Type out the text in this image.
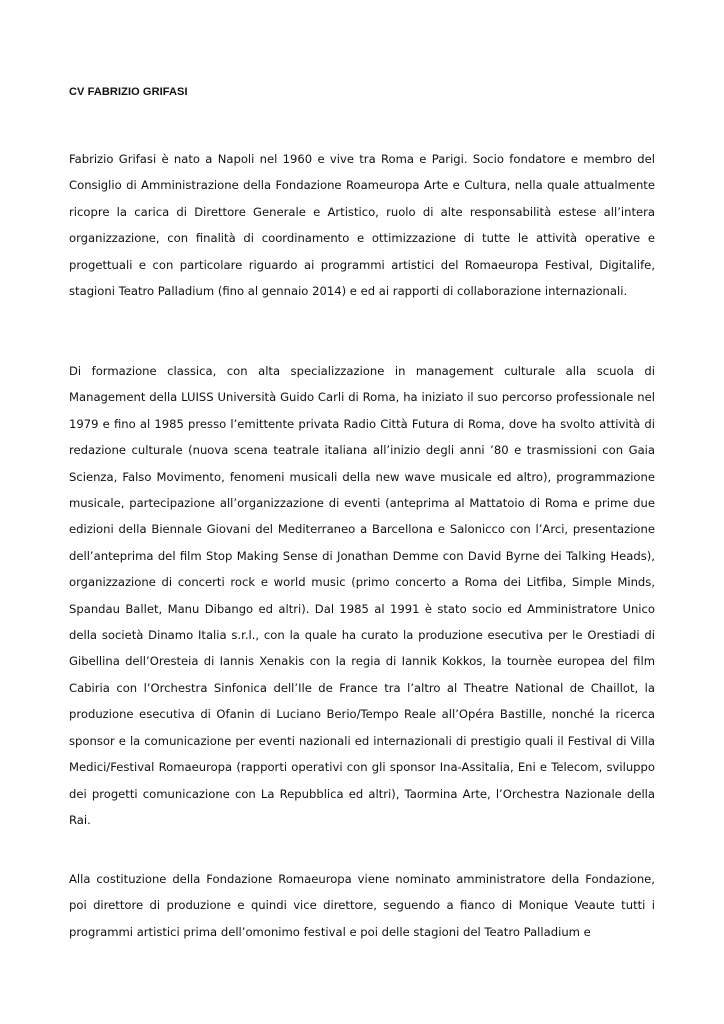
CV FABRIZIO GRIFASI

Fabrizio Grifasi è nato a Napoli nel 1960 e vive tra Roma e Parigi. Socio fondatore e membro del Consiglio di Amministrazione della Fondazione Roameuropa Arte e Cultura, nella quale attualmente ricopre la carica di Direttore Generale e Artistico, ruolo di alte responsabilità estese all’intera organizzazione, con finalità di coordinamento e ottimizzazione di tutte le attività operative e progettuali e con particolare riguardo ai programmi artistici del Romaeuropa Festival, Digitalife, stagioni Teatro Palladium (fino al gennaio 2014) e ed ai rapporti di collaborazione internazionali.

Di formazione classica, con alta specializzazione in management culturale alla scuola di Management della LUISS Università Guido Carli di Roma, ha iniziato il suo percorso professionale nel 1979 e fino al 1985 presso l’emittente privata Radio Città Futura di Roma, dove ha svolto attività di redazione culturale (nuova scena teatrale italiana all’inizio degli anni ’80 e trasmissioni con Gaia Scienza, Falso Movimento, fenomeni musicali della new wave musicale ed altro), programmazione musicale, partecipazione all’organizzazione di eventi (anteprima al Mattatoio di Roma e prime due edizioni della Biennale Giovani del Mediterraneo a Barcellona e Salonicco con l’Arci, presentazione dell’anteprima del film Stop Making Sense di Jonathan Demme con David Byrne dei Talking Heads), organizzazione di concerti rock e world music (primo concerto a Roma dei Litfiba, Simple Minds, Spandau Ballet, Manu Dibango ed altri). Dal 1985 al 1991 è stato socio ed Amministratore Unico della società Dinamo Italia s.r.l., con la quale ha curato la produzione esecutiva per le Orestiadi di Gibellina dell’Oresteia di Iannis Xenakis con la regia di Iannik Kokkos, la tournèe europea del film Cabiria con l’Orchestra Sinfonica dell’Ile de France tra l’altro al Theatre National de Chaillot, la produzione esecutiva di Ofanin di Luciano Berio/Tempo Reale all’Opéra Bastille, nonché la ricerca sponsor e la comunicazione per eventi nazionali ed internazionali di prestigio quali il Festival di Villa Medici/Festival Romaeuropa (rapporti operativi con gli sponsor Ina-Assitalia, Eni e Telecom, sviluppo dei progetti comunicazione con La Repubblica ed altri), Taormina Arte, l’Orchestra Nazionale della Rai.

Alla costituzione della Fondazione Romaeuropa viene nominato amministratore della Fondazione, poi direttore di produzione e quindi vice direttore, seguendo a fianco di Monique Veaute tutti i programmi artistici prima dell’omonimo festival e poi delle stagioni del Teatro Palladium e
